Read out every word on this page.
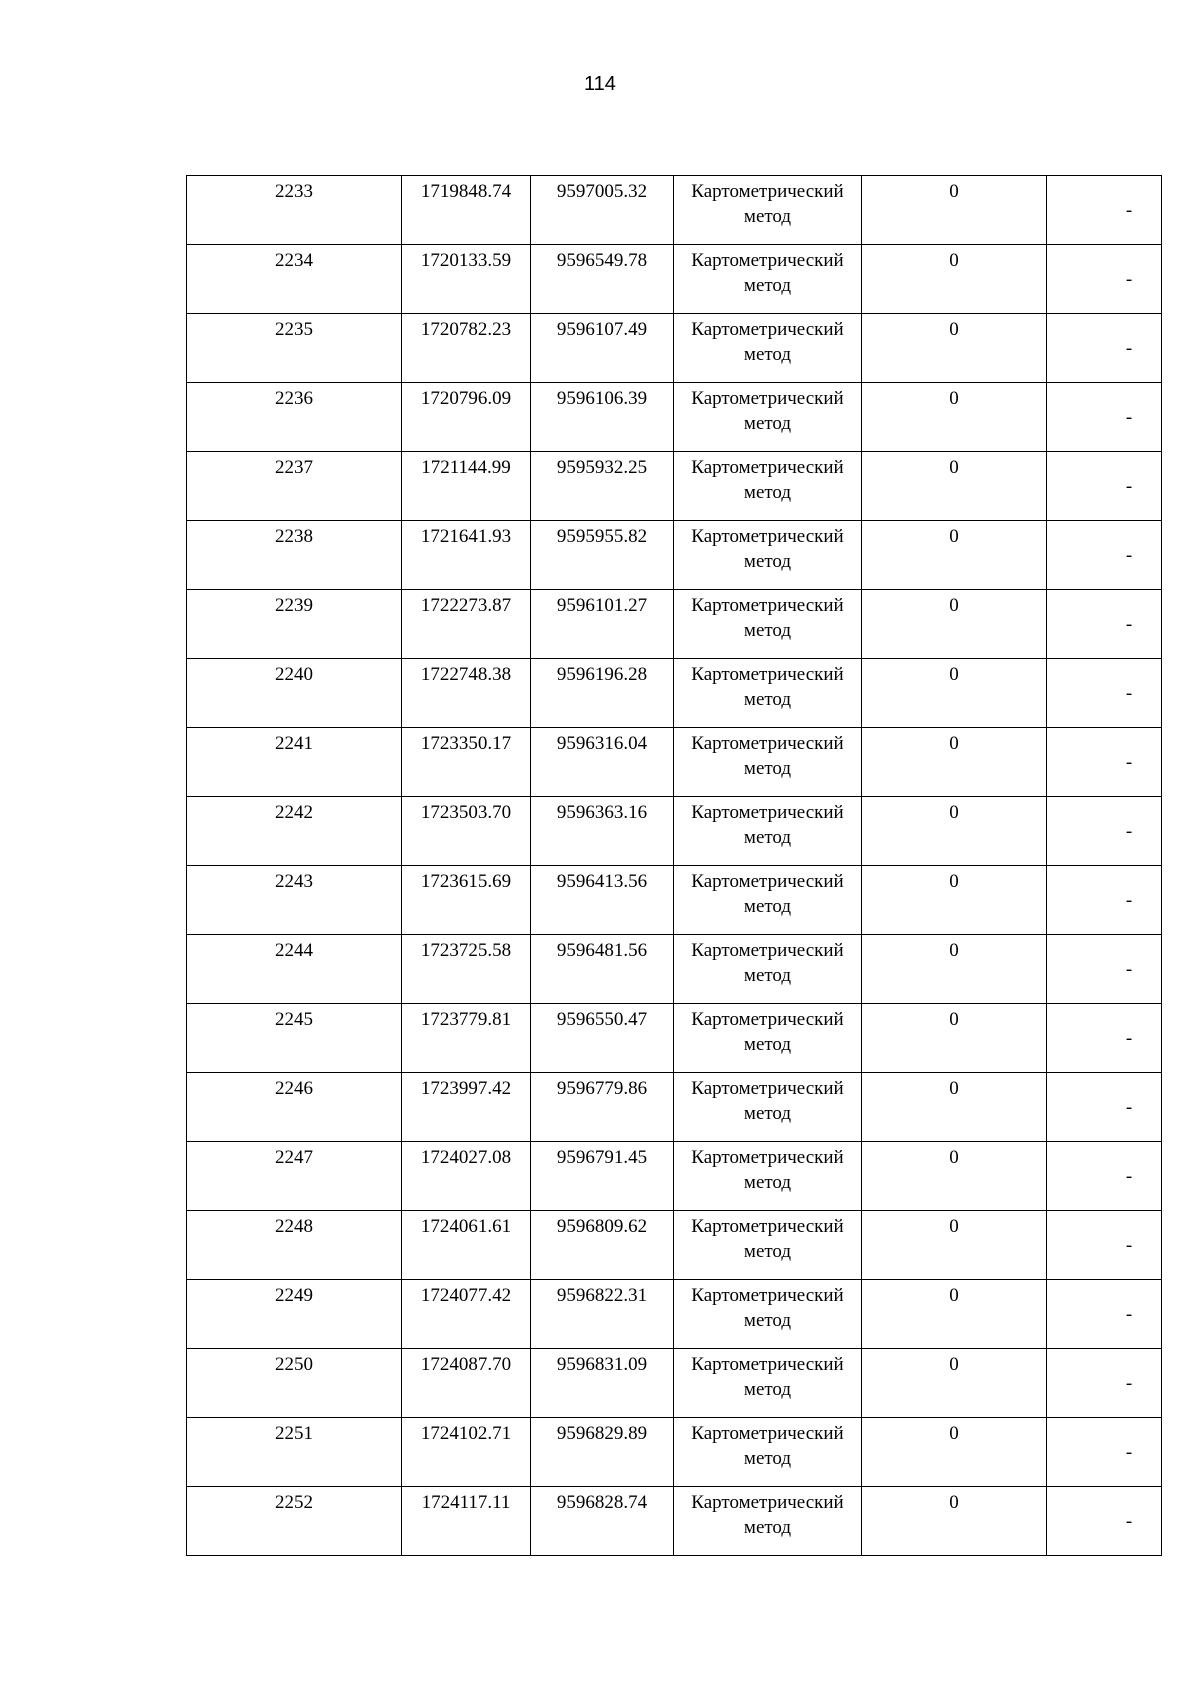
114
2233	1719848.74	9597005.32	Картометрический
метод	0	-

2234	1720133.59	9596549.78	Картометрический
метод	0	-

2235	1720782.23	9596107.49	Картометрический
метод	0	-

2236	1720796.09	9596106.39	Картометрический
метод	0	-

2237	1721144.99	9595932.25	Картометрический
метод	0	-

2238	1721641.93	9595955.82	Картометрический
метод	0	-

2239	1722273.87	9596101.27	Картометрический
метод	0	-

2240	1722748.38	9596196.28	Картометрический
метод	0	-

2241	1723350.17	9596316.04	Картометрический
метод	0	-

2242	1723503.70	9596363.16	Картометрический
метод	0	-

2243	1723615.69	9596413.56	Картометрический
метод	0	-

2244	1723725.58	9596481.56	Картометрический
метод	0	-

2245	1723779.81	9596550.47	Картометрический
метод	0	-

2246	1723997.42	9596779.86	Картометрический
метод	0	-

2247	1724027.08	9596791.45	Картометрический
метод	0	-

2248	1724061.61	9596809.62	Картометрический
метод	0	-

2249	1724077.42	9596822.31	Картометрический
метод	0	-

2250	1724087.70	9596831.09	Картометрический
метод	0	-

2251	1724102.71	9596829.89	Картометрический
метод	0	-

2252	1724117.11	9596828.74	Картометрический
метод	0	-
